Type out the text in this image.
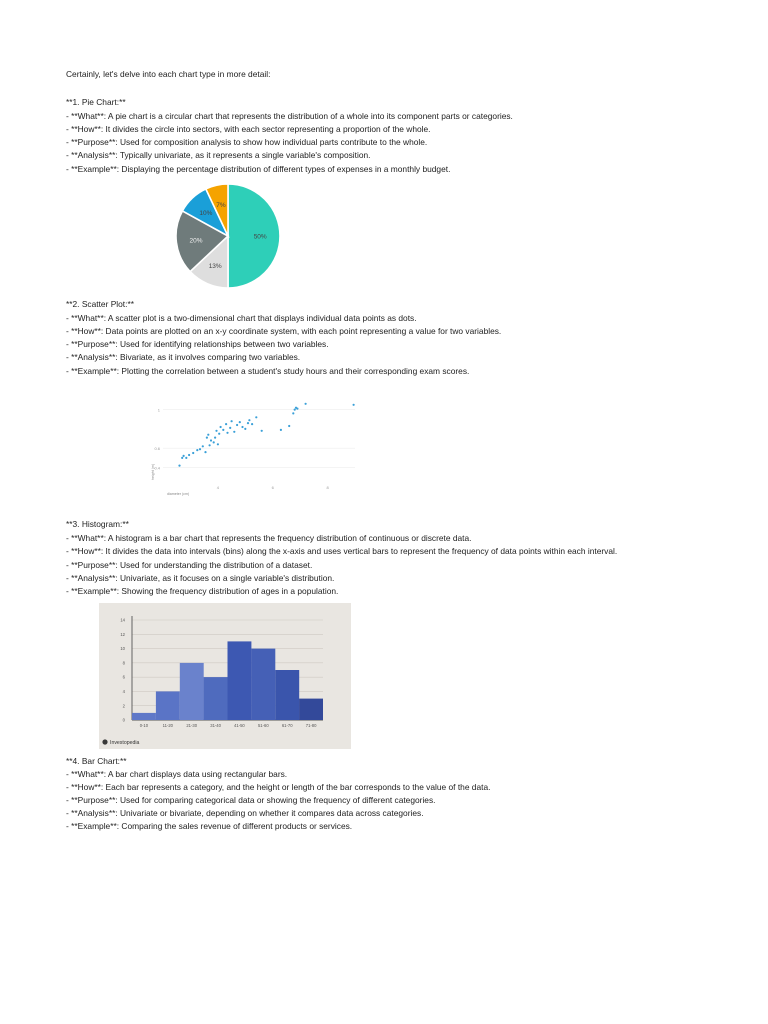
Certainly, let's delve into each chart type in more detail:
**1. Pie Chart:**
- **What**: A pie chart is a circular chart that represents the distribution of a whole into its component parts or categories.
- **How**: It divides the circle into sectors, with each sector representing a proportion of the whole.
- **Purpose**: Used for composition analysis to show how individual parts contribute to the whole.
- **Analysis**: Typically univariate, as it represents a single variable's composition.
- **Example**: Displaying the percentage distribution of different types of expenses in a monthly budget.
50%
13%
20%
10%
7%
**2. Scatter Plot:**
- **What**: A scatter plot is a two-dimensional chart that displays individual data points as dots.
- **How**: Data points are plotted on an x-y coordinate system, with each point representing a value for two variables.
- **Purpose**: Used for identifying relationships between two variables.
- **Analysis**: Bivariate, as it involves comparing two variables.
- **Example**: Plotting the correlation between a student's study hours and their corresponding exam scores.
1
0.6
0.4
4	6	8
diameter (cm)
height (m)
**3. Histogram:**
- **What**: A histogram is a bar chart that represents the frequency distribution of continuous or discrete data.
- **How**: It divides the data into intervals (bins) along the x-axis and uses vertical bars to represent the frequency of data points within each interval.
- **Purpose**: Used for understanding the distribution of a dataset.
- **Analysis**: Univariate, as it focuses on a single variable's distribution.
- **Example**: Showing the frequency distribution of ages in a population.
0
2
4
6
8
10
12
14
0-10	11-20	21-30	31-40	41-50	51-60	61-70	71-80
Investopedia
**4. Bar Chart:**
- **What**: A bar chart displays data using rectangular bars.
- **How**: Each bar represents a category, and the height or length of the bar corresponds to the value of the data.
- **Purpose**: Used for comparing categorical data or showing the frequency of different categories.
- **Analysis**: Univariate or bivariate, depending on whether it compares data across categories.
- **Example**: Comparing the sales revenue of different products or services.
